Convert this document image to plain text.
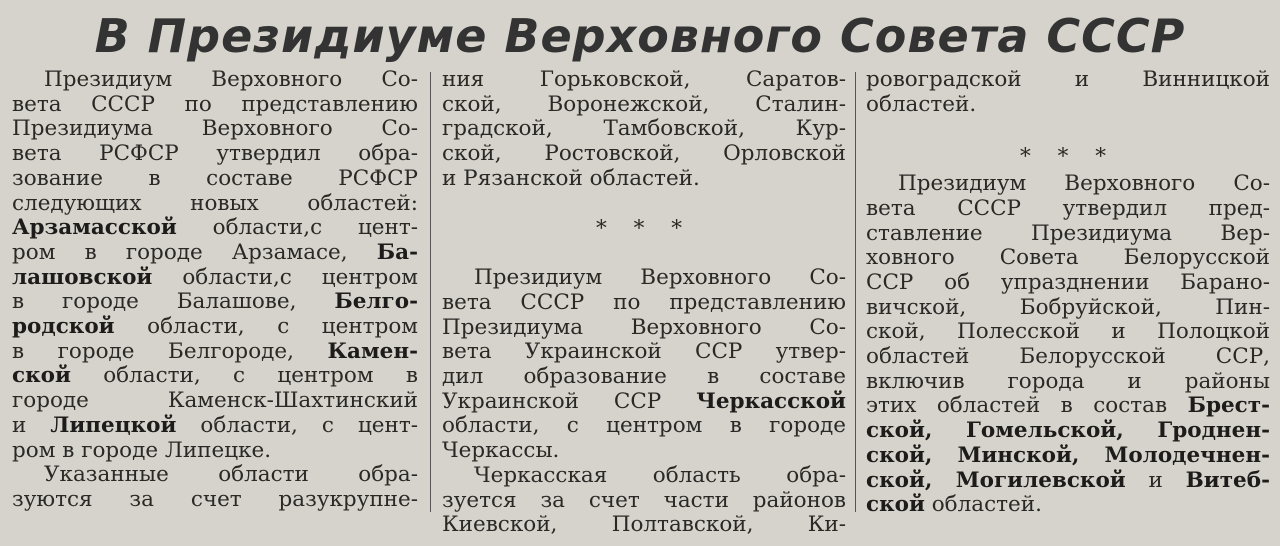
В Президиуме Верховного Совета СССР

Президиум Верховного Со-
вета СССР по представлению
Президиума Верховного Со-
вета РСФСР утвердил обра-
зование в составе РСФСР
следующих новых областей:
Арзамасской области,с цент-
ром в городе Арзамасе, Ба-
лашовской области,с центром
в городе Балашове, Белго-
родской области, с центром
в городе Белгороде, Камен-
ской области, с центром в
городе Каменск-Шахтинский
и Липецкой области, с цент-
ром в городе Липецке.
Указанные области обра-
зуются за счет разукрупне-

ния Горьковской, Саратов-
ской, Воронежской, Сталин-
градской, Тамбовской, Кур-
ской, Ростовской, Орловской
и Рязанской областей.

* * *

Президиум Верховного Со-
вета СССР по представлению
Президиума Верховного Со-
вета Украинской ССР утвер-
дил образование в составе
Украинской ССР Черкасской
области, с центром в городе
Черкассы.
Черкасская область обра-
зуется за счет части районов
Киевской, Полтавской, Ки-

ровоградской и Винницкой
областей.

* * *

Президиум Верховного Со-
вета СССР утвердил пред-
ставление Президиума Вер-
ховного Совета Белорусской
ССР об упразднении Барано-
вичской, Бобруйской, Пин-
ской, Полесской и Полоцкой
областей Белорусской ССР,
включив города и районы
этих областей в состав Брест-
ской, Гомельской, Гроднен-
ской, Минской, Молодечнен-
ской, Могилевской и Витеб-
ской областей.
